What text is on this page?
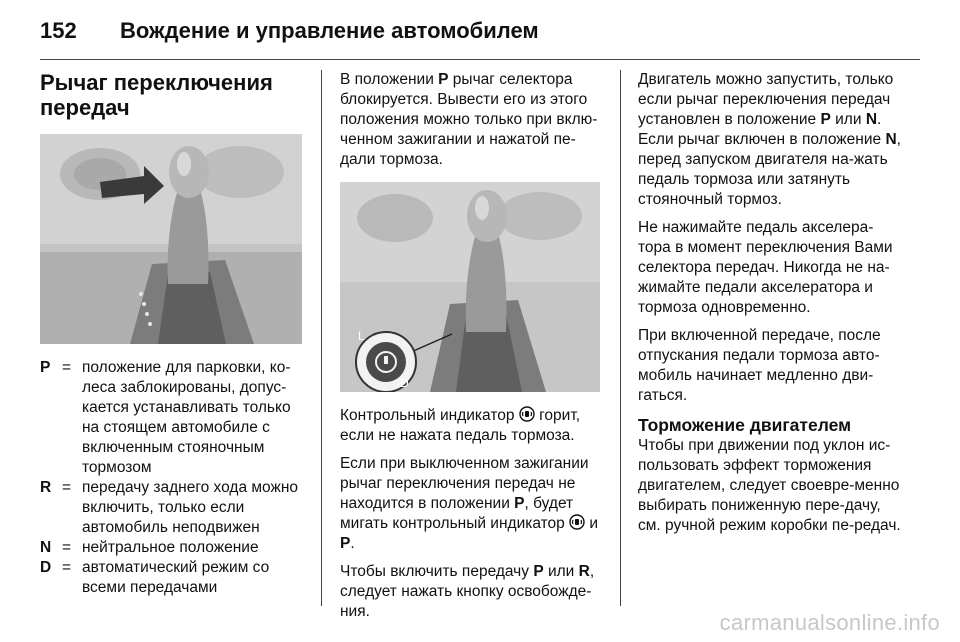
152 Вождение и управление автомобилем
Рычаг переключения передач
P = положение для парковки, ко-леса заблокированы, допус-кается устанавливать только на стоящем автомобиле с включенным стояночным тормозом
R = передачу заднего хода можно включить, только если автомобиль неподвижен
N = нейтральное положение
D = автоматический режим со всеми передачами

В положении P рычаг селектора блокируется. Вывести его из этого положения можно только при вклю-ченном зажигании и нажатой пе-дали тормоза.

L
D

Контрольный индикатор  горит, если не нажата педаль тормоза.

Если при выключенном зажигании рычаг переключения передач не находится в положении P, будет мигать контрольный индикатор  и P.

Чтобы включить передачу P или R, следует нажать кнопку освобожде-ния.

Двигатель можно запустить, только если рычаг переключения передач установлен в положение P или N. Если рычаг включен в положение N, перед запуском двигателя на-жать педаль тормоза или затянуть стояночный тормоз.

Не нажимайте педаль акселера-тора в момент переключения Вами селектора передач. Никогда не на-жимайте педали акселератора и тормоза одновременно.

При включенной передаче, после отпускания педали тормоза авто-мобиль начинает медленно дви-гаться.

Торможение двигателем

Чтобы при движении под уклон ис-пользовать эффект торможения двигателем, следует своевре-менно выбирать пониженную пере-дачу, см. ручной режим коробки пе-редач.

carmanualsonline.info
